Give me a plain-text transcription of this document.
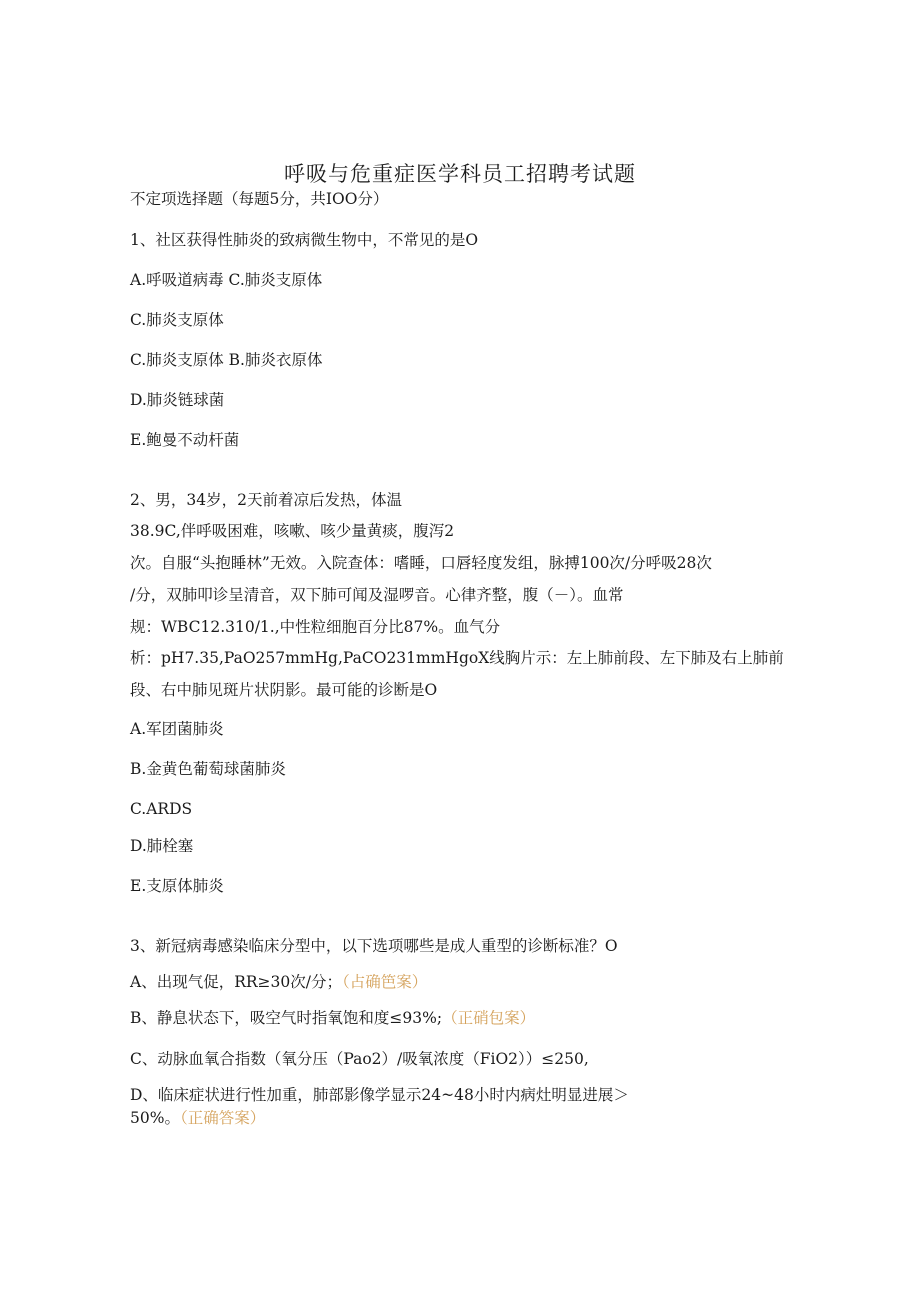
呼吸与危重症医学科员工招聘考试题
不定项选择题（每题5分，共IOO分）
1、社区获得性肺炎的致病微生物中，不常见的是O
A.呼吸道病毒 C.肺炎支原体
C.肺炎支原体
C.肺炎支原体 B.肺炎衣原体
D.肺炎链球菌
E.鲍曼不动杆菌
2、男，34岁，2天前着凉后发热，体温
38.9C,伴呼吸困难，咳嗽、咳少量黄痰，腹泻2
次。自服“头抱睡林”无效。入院查体：嗜睡，口唇轻度发组，脉搏100次/分呼吸28次
/分，双肺叩诊呈清音，双下肺可闻及湿啰音。心律齐整，腹（－）。血常
规：WBC12.310/1.,中性粒细胞百分比87%。血气分
析：pH7.35,PaO257mmHg,PaCO231mmHgoX线胸片示：左上肺前段、左下肺及右上肺前
段、右中肺见斑片状阴影。最可能的诊断是O
A.军团菌肺炎
B.金黄色葡萄球菌肺炎
C.ARDS
D.肺栓塞
E.支原体肺炎
3、新冠病毒感染临床分型中，以下选项哪些是成人重型的诊断标准？O
A、出现气促，RR≥30次/分；（占确笆案）
B、静息状态下，吸空气时指氧饱和度≤93%;（正硝包案）
C、动脉血氧合指数（氧分压（Pao2）/吸氧浓度（FiO2））≤250,
D、临床症状进行性加重，肺部影像学显示24~48小时内病灶明显进展＞
50%。（正确答案）
